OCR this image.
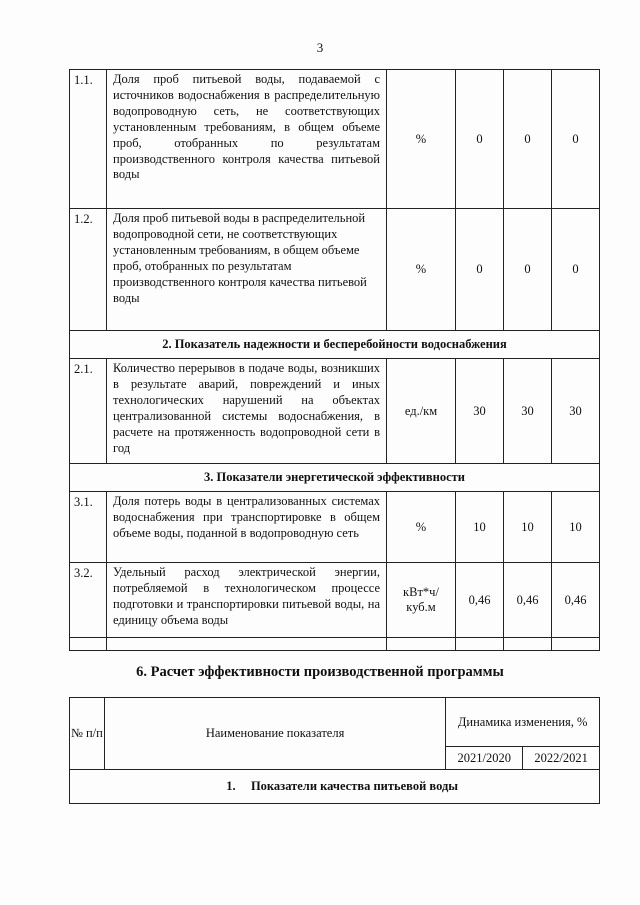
3
1.1.	Доля проб питьевой воды, подаваемой с источников водоснабжения в распределительную водопроводную сеть, не соответствующих установленным требованиям, в общем объеме проб, отобранных по результатам производственного контроля качества питьевой воды	%	0	0	0
1.2.	Доля проб питьевой воды в распределительной водопроводной сети, не соответствующих установленным требованиям, в общем объеме проб, отобранных по результатам производственного контроля качества питьевой воды	%	0	0	0
2. Показатель надежности и бесперебойности водоснабжения					
2.1.	Количество перерывов в подаче воды, возникших в результате аварий, повреждений и иных технологических нарушений на объектах централизованной системы водоснабжения, в расчете на протяженность водопроводной сети в год	ед./км	30	30	30
3. Показатели энергетической эффективности					
3.1.	Доля потерь воды в централизованных системах водоснабжения при транспортировке в общем объеме воды, поданной в водопроводную сеть	%	10	10	10
3.2.	Удельный расход электрической энергии, потребляемой в технологическом процессе подготовки и транспортировки питьевой воды, на единицу объема воды	кВт*ч/ куб.м	0,46	0,46	0,46

6. Расчет эффективности производственной программы
№ п/п	Наименование показателя	Динамика изменения, %	
		2021/2020	2022/2021
1. Показатели качества питьевой воды			
